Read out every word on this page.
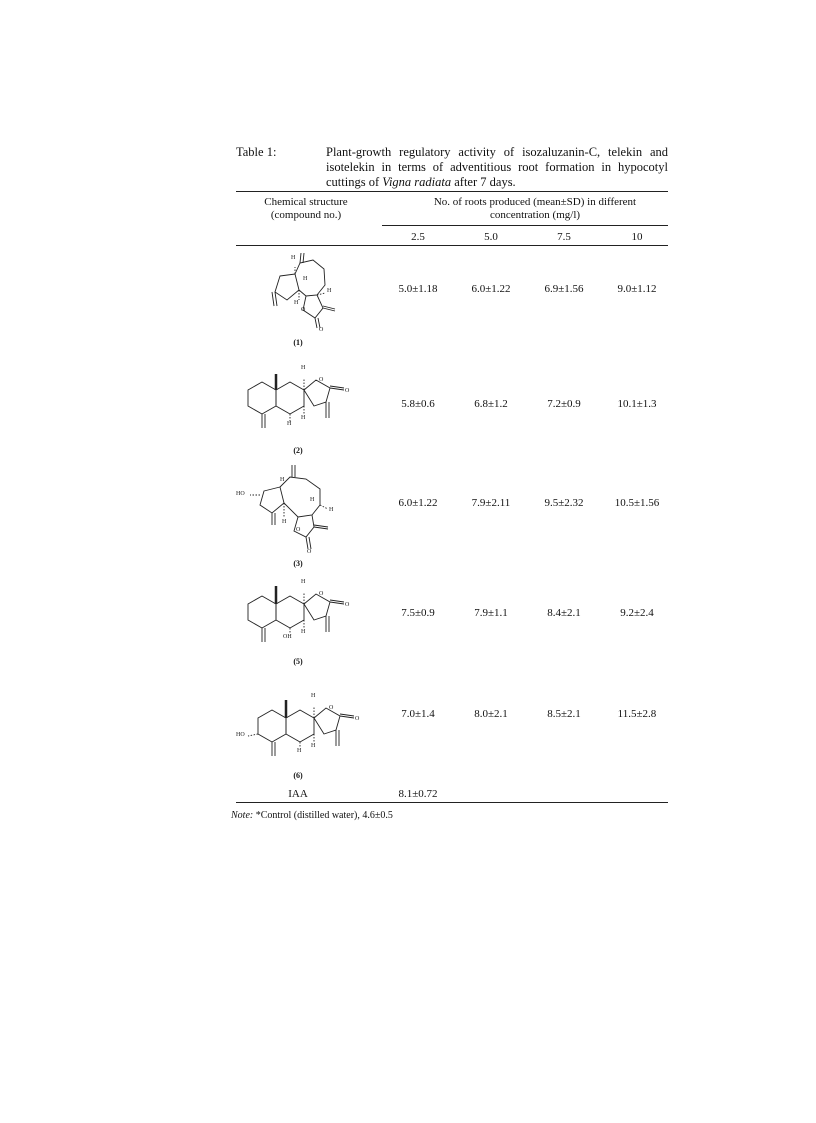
Table 1:	Plant-growth regulatory activity of isozaluzanin-C, telekin and isotelekin in terms of adventitious root formation in hypocotyl cuttings of Vigna radiata after 7 days.
Chemical structure (compound no.)
No. of roots produced (mean±SD) in different concentration (mg/l)
2.5	5.0	7.5	10
H
H
H
H
O
O
(1)
5.0±1.18	6.0±1.22	6.9±1.56	9.0±1.12
H
O
O
H
H
(2)
5.8±0.6	6.8±1.2	7.2±0.9	10.1±1.3
HO
H
H
H
H
O
O
(3)
6.0±1.22	7.9±2.11	9.5±2.32	10.5±1.56
H
O
O
OH
H
(5)
7.5±0.9	7.9±1.1	8.4±2.1	9.2±2.4
HO
H
O
O
H
H
(6)
7.0±1.4	8.0±2.1	8.5±2.1	11.5±2.8
IAA	8.1±0.72
Note: *Control (distilled water), 4.6±0.5
